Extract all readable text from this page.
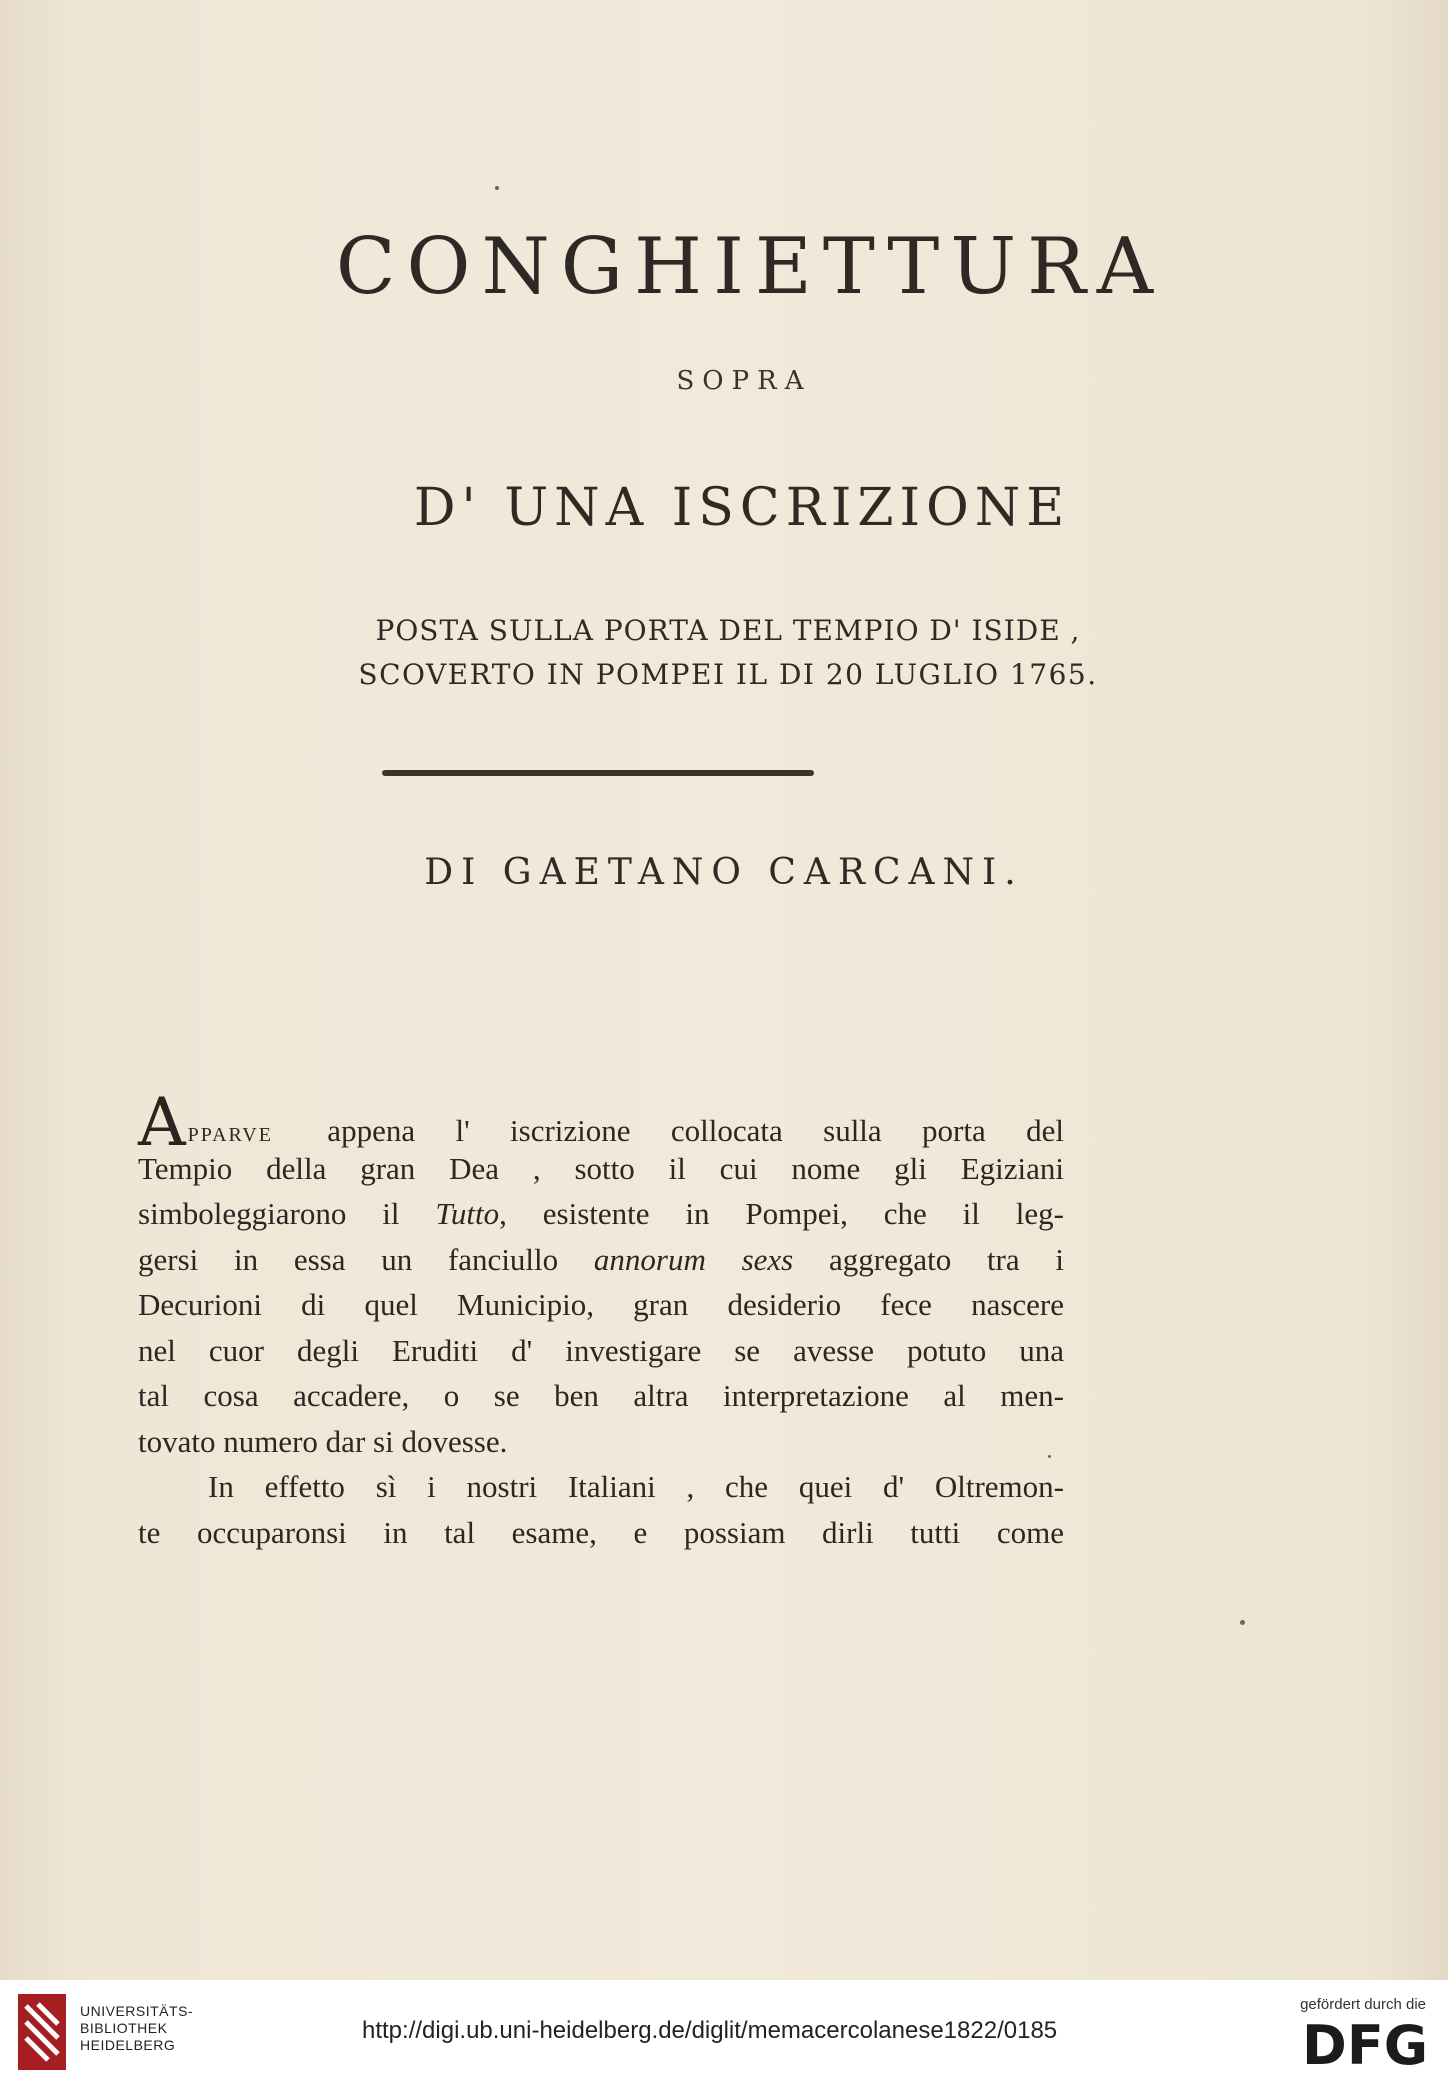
CONGHIETTURA
SOPRA
D' UNA ISCRIZIONE
POSTA SULLA PORTA DEL TEMPIO D' ISIDE ,
SCOVERTO IN POMPEI IL DI 20 LUGLIO 1765.
DI GAETANO CARCANI.
APPARVE appena l' iscrizione collocata sulla porta del
Tempio della gran Dea , sotto il cui nome gli Egiziani
simboleggiarono il Tutto, esistente in Pompei, che il leg-
gersi in essa un fanciullo annorum sexs aggregato tra i
Decurioni di quel Municipio, gran desiderio fece nascere
nel cuor degli Eruditi d' investigare se avesse potuto una
tal cosa accadere, o se ben altra interpretazione al men-
tovato numero dar si dovesse.
In effetto sì i nostri Italiani , che quei d' Oltremon-
te occuparonsi in tal esame, e possiam dirli tutti come
UNIVERSITÄTS-
BIBLIOTHEK
HEIDELBERG
http://digi.ub.uni-heidelberg.de/diglit/memacercolanese1822/0185
gefördert durch die
DFG
